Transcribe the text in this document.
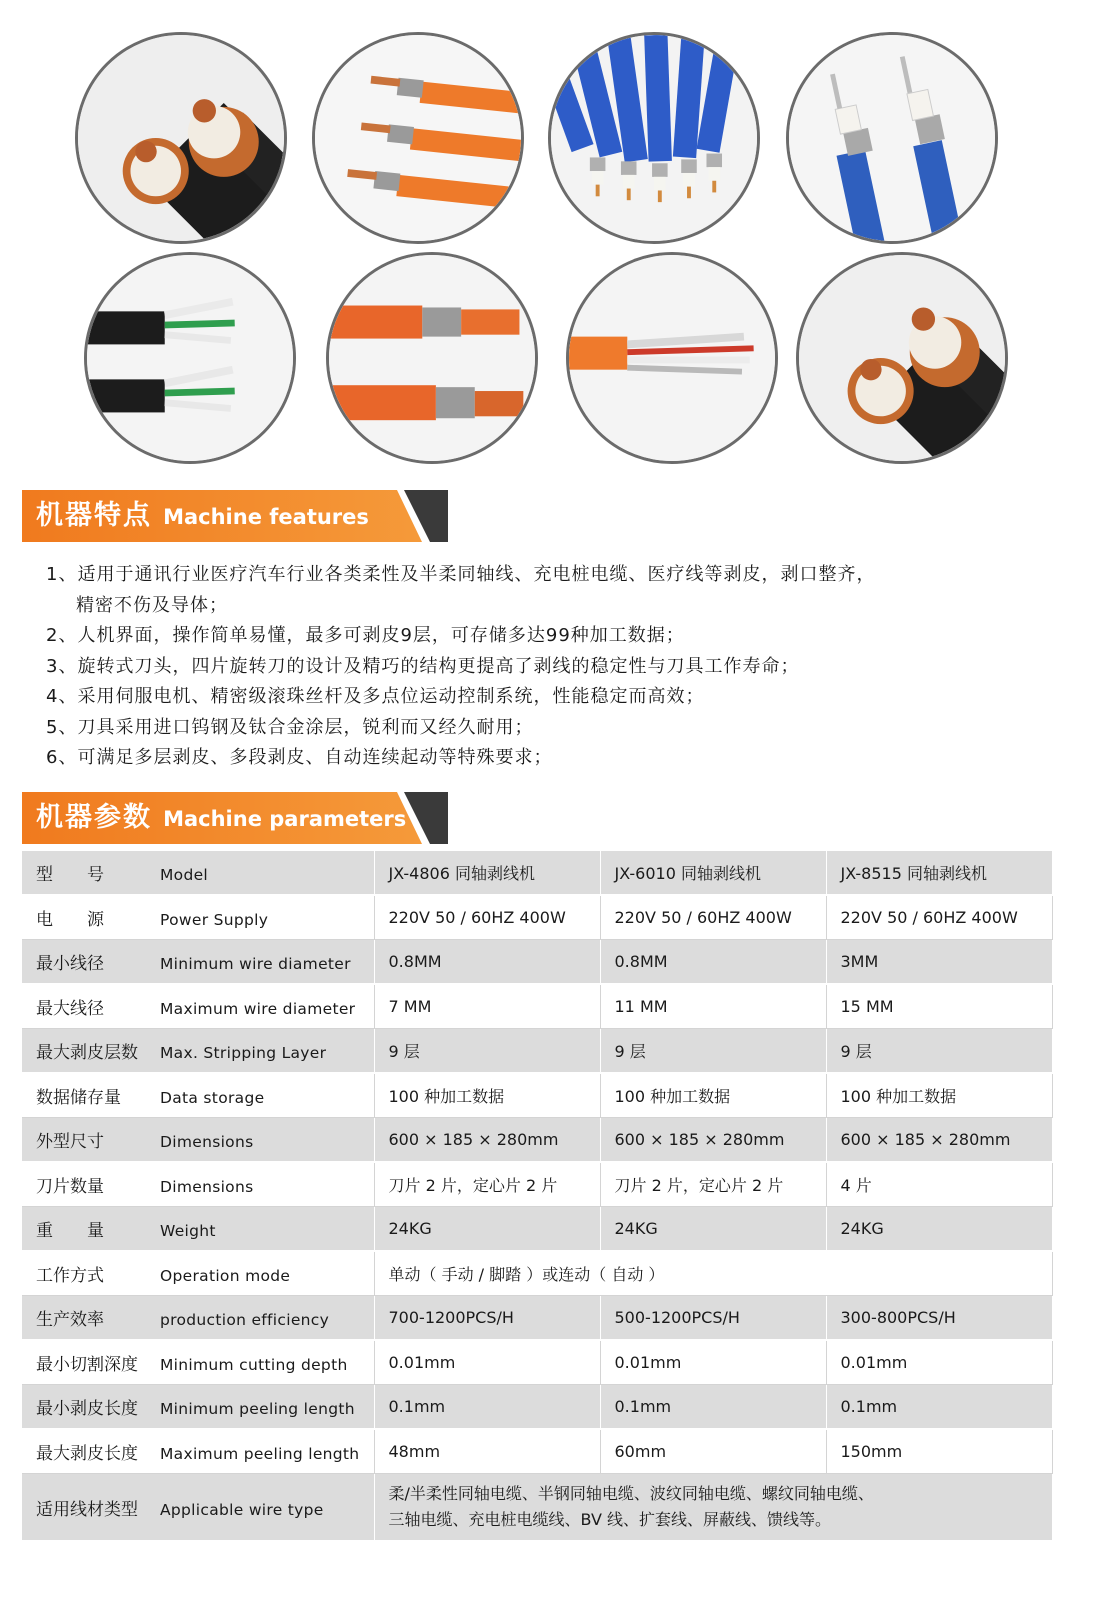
机器特点 Machine features
1、适用于通讯行业医疗汽车行业各类柔性及半柔同轴线、充电桩电缆、医疗线等剥皮，剥口整齐，
精密不伤及导体；
2、人机界面，操作简单易懂，最多可剥皮9层，可存储多达99种加工数据；
3、旋转式刀头，四片旋转刀的设计及精巧的结构更提高了剥线的稳定性与刀具工作寿命；
4、采用伺服电机、精密级滚珠丝杆及多点位运动控制系统，性能稳定而高效；
5、刀具采用进口钨钢及钛合金涂层，锐利而又经久耐用；
6、可满足多层剥皮、多段剥皮、自动连续起动等特殊要求；
机器参数 Machine parameters
型　　号 Model	JX-4806 同轴剥线机	JX-6010 同轴剥线机	JX-8515 同轴剥线机
电　　源 Power Supply	220V 50 / 60HZ 400W	220V 50 / 60HZ 400W	220V 50 / 60HZ 400W
最小线径 Minimum wire diameter	0.8MM	0.8MM	3MM
最大线径 Maximum wire diameter	7 MM	11 MM	15 MM
最大剥皮层数 Max. Stripping Layer	9 层	9 层	9 层
数据储存量 Data storage	100 种加工数据	100 种加工数据	100 种加工数据
外型尺寸 Dimensions	600 × 185 × 280mm	600 × 185 × 280mm	600 × 185 × 280mm
刀片数量 Dimensions	刀片 2 片，定心片 2 片	刀片 2 片，定心片 2 片	4 片
重　　量 Weight	24KG	24KG	24KG
工作方式 Operation mode	单动（ 手动 / 脚踏 ）或连动（ 自动 ）		
生产效率 production efficiency	700-1200PCS/H	500-1200PCS/H	300-800PCS/H
最小切割深度 Minimum cutting depth	0.01mm	0.01mm	0.01mm
最小剥皮长度 Minimum peeling length	0.1mm	0.1mm	0.1mm
最大剥皮长度 Maximum peeling length	48mm	60mm	150mm
适用线材类型 Applicable wire type	柔/半柔性同轴电缆、半钢同轴电缆、波纹同轴电缆、螺纹同轴电缆、
三轴电缆、充电桩电缆线、BV 线、扩套线、屏蔽线、馈线等。		
